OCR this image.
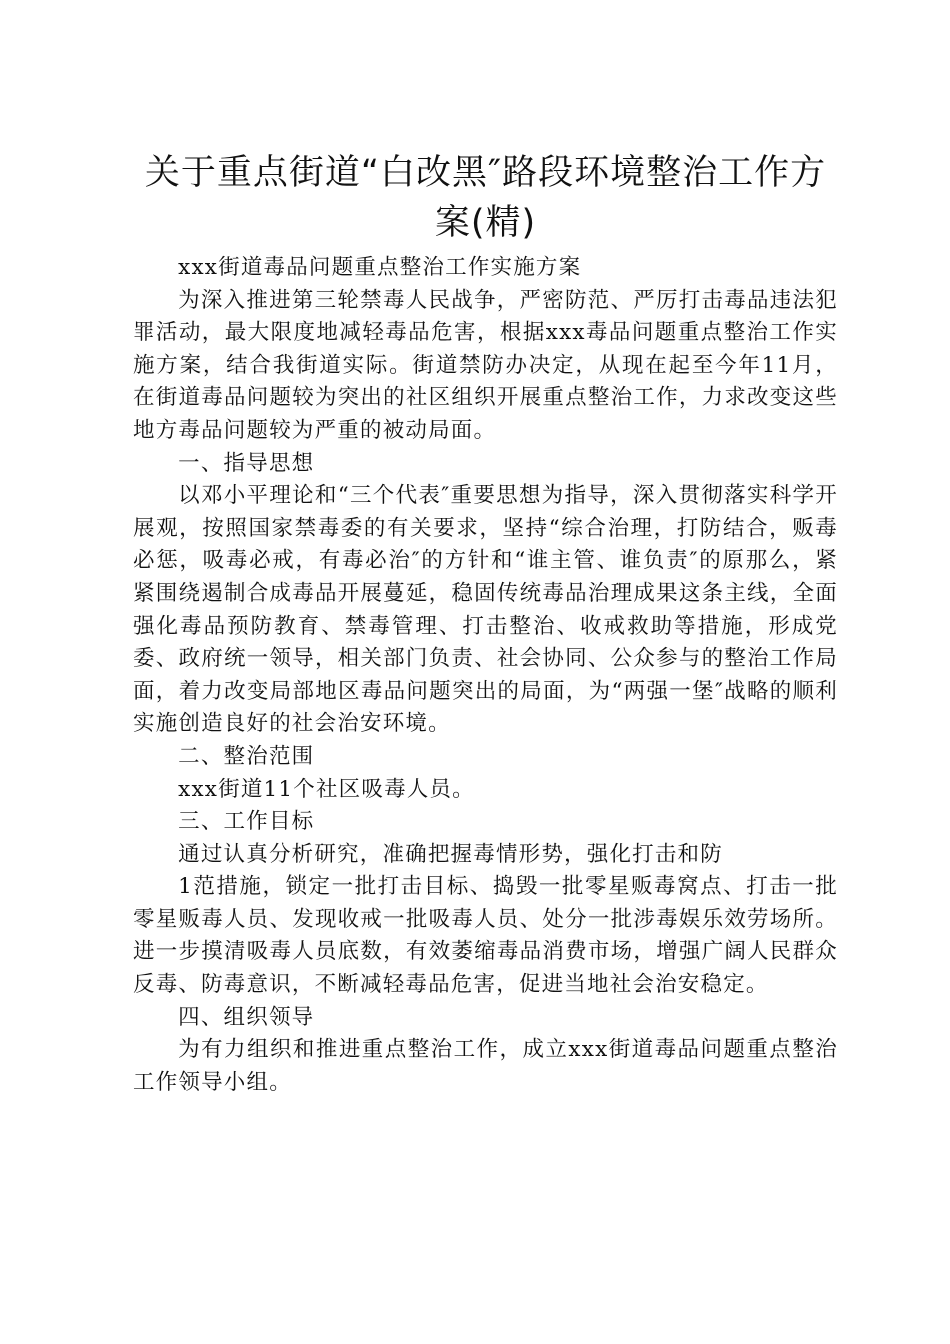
关于重点街道“白改黑″路段环境整治工作方
案(精)

xxx街道毒品问题重点整治工作实施方案

为深入推进第三轮禁毒人民战争，严密防范、严厉打击毒品违法犯罪活动，最大限度地减轻毒品危害，根据xxx毒品问题重点整治工作实施方案，结合我街道实际。街道禁防办决定，从现在起至今年11月，在街道毒品问题较为突出的社区组织开展重点整治工作，力求改变这些地方毒品问题较为严重的被动局面。

一、指导思想

以邓小平理论和“三个代表″重要思想为指导，深入贯彻落实科学开展观，按照国家禁毒委的有关要求，坚持“综合治理，打防结合，贩毒必惩，吸毒必戒，有毒必治″的方针和“谁主管、谁负责″的原那么，紧紧围绕遏制合成毒品开展蔓延，稳固传统毒品治理成果这条主线，全面强化毒品预防教育、禁毒管理、打击整治、收戒救助等措施，形成党委、政府统一领导，相关部门负责、社会协同、公众参与的整治工作局面，着力改变局部地区毒品问题突出的局面，为“两强一堡″战略的顺利实施创造良好的社会治安环境。

二、整治范围

xxx街道11个社区吸毒人员。

三、工作目标

通过认真分析研究，准确把握毒情形势，强化打击和防

1范措施，锁定一批打击目标、捣毁一批零星贩毒窝点、打击一批零星贩毒人员、发现收戒一批吸毒人员、处分一批涉毒娱乐效劳场所。进一步摸清吸毒人员底数，有效萎缩毒品消费市场，增强广阔人民群众反毒、防毒意识，不断减轻毒品危害，促进当地社会治安稳定。

四、组织领导

为有力组织和推进重点整治工作，成立xxx街道毒品问题重点整治工作领导小组。
